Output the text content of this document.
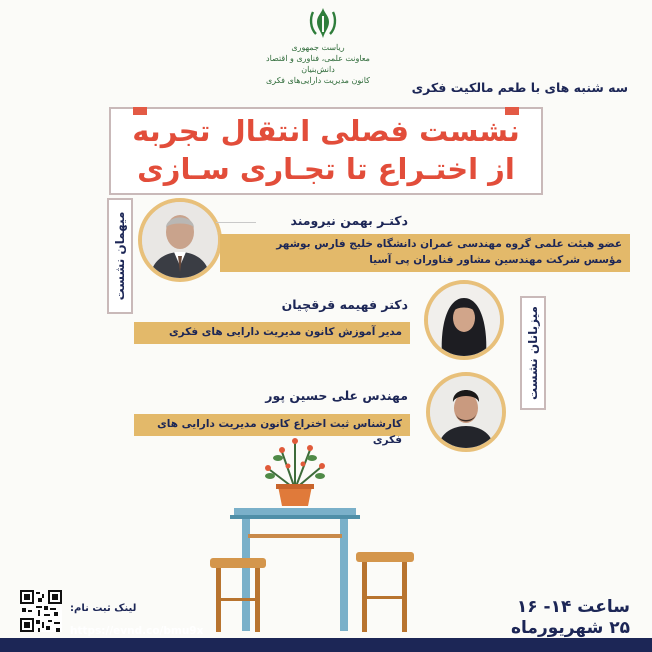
ریاست جمهوری
معاونت علمی، فناوری و اقتصاد دانش‌بنیان
کانون مدیریت دارایی‌های فکری	سه شنبه های با طعم مالکیت فکری
نشست فصلی انتقال تجربه
از اختـراع تا تجـاری سـازی
میهمان نشست	دکتـر بهمن نیرومند
عضو هیئت علمی گروه مهندسی عمران دانشگاه خلیج فارس بوشهر
مؤسس شرکت مهندسین مشاور فناوران پی آسیا
میزبانان نشست
دکتر فهیمه قرقچیان
مدیر آموزش کانون مدیریت دارایی های فکری
مهندس علی حسین پور
کارشناس ثبت اختراع کانون مدیریت دارایی های فکری
لینک ثبت نام:
https://evnd.co/bmu9x
ساعت ۱۴- ۱۶
۲۵ شهریورماه
